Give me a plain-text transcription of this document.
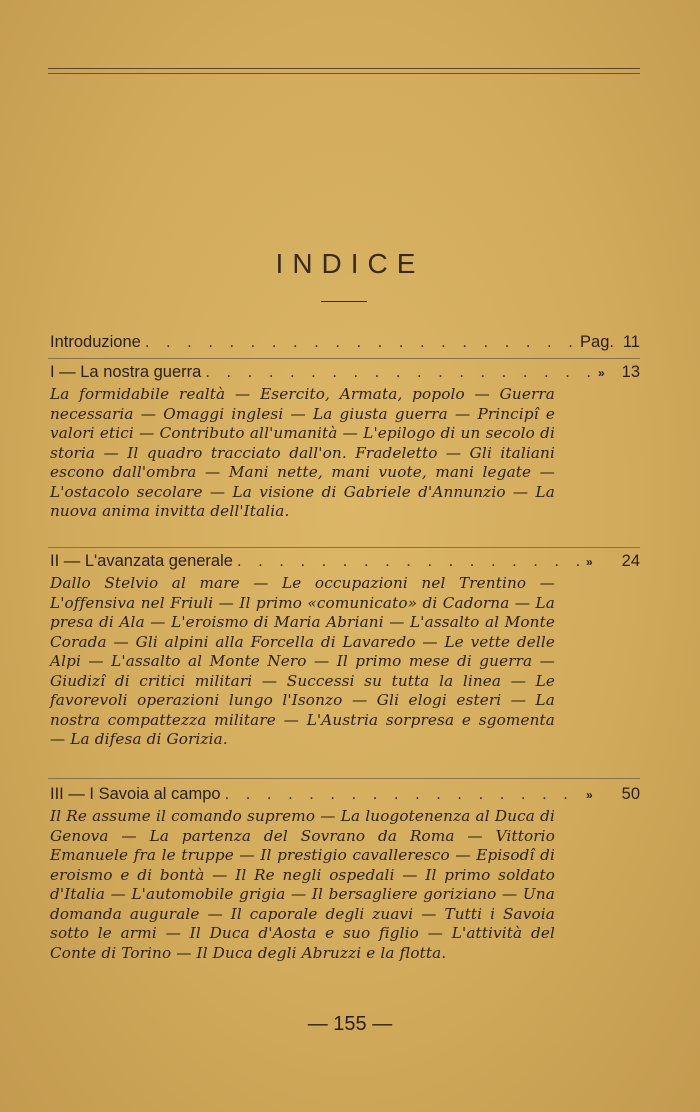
INDICE
Introduzione . . .	Pag. 11
I — La nostra guerra . . .	»	13

La formidabile realtà — Esercito, Armata, popolo — Guerra necessaria — Omaggi inglesi — La giusta guerra — Principî e valori etici — Contributo all'umanità — L'epilogo di un secolo di storia — Il quadro tracciato dall'on. Fradeletto — Gli italiani escono dall'ombra — Mani nette, mani vuote, mani legate — L'ostacolo secolare — La visione di Gabriele d'Annunzio — La nuova anima invitta dell'Italia.

II — L'avanzata generale . . .	»	24

Dallo Stelvio al mare — Le occupazioni nel Trentino — L'offensiva nel Friuli — Il primo «comunicato» di Cadorna — La presa di Ala — L'eroismo di Maria Abriani — L'assalto al Monte Corada — Gli alpini alla Forcella di Lavaredo — Le vette delle Alpi — L'assalto al Monte Nero — Il primo mese di guerra — Giudizî di critici militari — Successi su tutta la linea — Le favorevoli operazioni lungo l'Isonzo — Gli elogi esteri — La nostra compattezza militare — L'Austria sorpresa e sgomenta — La difesa di Gorizia.

III — I Savoia al campo . . .	»	50

Il Re assume il comando supremo — La luogotenenza al Duca di Genova — La partenza del Sovrano da Roma — Vittorio Emanuele fra le truppe — Il prestigio cavalleresco — Episodî di eroismo e di bontà — Il Re negli ospedali — Il primo soldato d'Italia — L'automobile grigia — Il bersagliere goriziano — Una domanda augurale — Il caporale degli zuavi — Tutti i Savoia sotto le armi — Il Duca d'Aosta e suo figlio — L'attività del Conte di Torino — Il Duca degli Abruzzi e la flotta.

— 155 —
